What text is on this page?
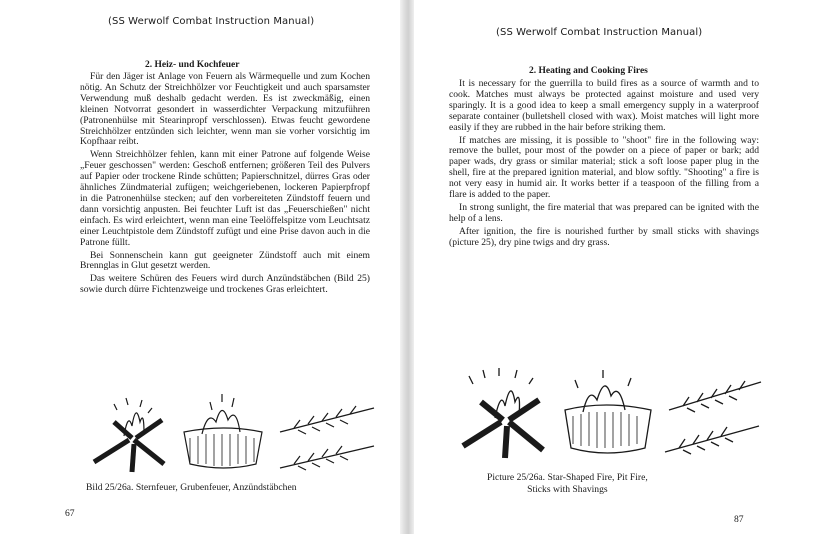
(SS Werwolf Combat Instruction Manual)
2. Heiz- und Kochfeuer

Für den Jäger ist Anlage von Feuern als Wärmequelle und zum Kochen nötig. An Schutz der Streichhölzer vor Feuchtigkeit und auch sparsamster Verwendung muß deshalb gedacht werden. Es ist zweckmäßig, einen kleinen Notvorrat gesondert in wasserdichter Verpackung mitzuführen (Patronenhülse mit Stearinpropf verschlossen). Etwas feucht gewordene Streichhölzer entzünden sich leichter, wenn man sie vorher vorsichtig im Kopfhaar reibt.

Wenn Streichhölzer fehlen, kann mit einer Patrone auf folgende Weise „Feuer geschossen" werden: Geschoß entfernen; größeren Teil des Pulvers auf Papier oder trockene Rinde schütten; Papierschnitzel, dürres Gras oder ähnliches Zündmaterial zufügen; weichgeriebenen, lockeren Papierpfropf in die Patronenhülse stecken; auf den vorbereiteten Zündstoff feuern und dann vorsichtig anpusten. Bei feuchter Luft ist das „Feuerschießen" nicht einfach. Es wird erleichtert, wenn man eine Teelöffelspitze vom Leuchtsatz einer Leuchtpistole dem Zündstoff zufügt und eine Prise davon auch in die Patrone füllt.

Bei Sonnenschein kann gut geeigneter Zündstoff auch mit einem Brennglas in Glut gesetzt werden.

Das weitere Schüren des Feuers wird durch Anzündstäbchen (Bild 25) sowie durch dürre Fichtenzweige und trockenes Gras erleichtert.

(SS Werwolf Combat Instruction Manual)
2. Heating and Cooking Fires

It is necessary for the guerrilla to build fires as a source of warmth and to cook. Matches must always be protected against moisture and used very sparingly. It is a good idea to keep a small emergency supply in a waterproof separate container (bulletshell closed with wax). Moist matches will light more easily if they are rubbed in the hair before striking them.

If matches are missing, it is possible to "shoot" fire in the following way: remove the bullet, pour most of the powder on a piece of paper or bark; add paper wads, dry grass or similar material; stick a soft loose paper plug in the shell, fire at the prepared ignition material, and blow softly. "Shooting" a fire is not very easy in humid air. It works better if a teaspoon of the filling from a flare is added to the paper.

In strong sunlight, the fire material that was prepared can be ignited with the help of a lens.

After ignition, the fire is nourished further by small sticks with shavings (picture 25), dry pine twigs and dry grass.

Bild 25/26a. Sternfeuer, Grubenfeuer, Anzündstäbchen
67
Picture 25/26a. Star-Shaped Fire, Pit Fire,
Sticks with Shavings
87
